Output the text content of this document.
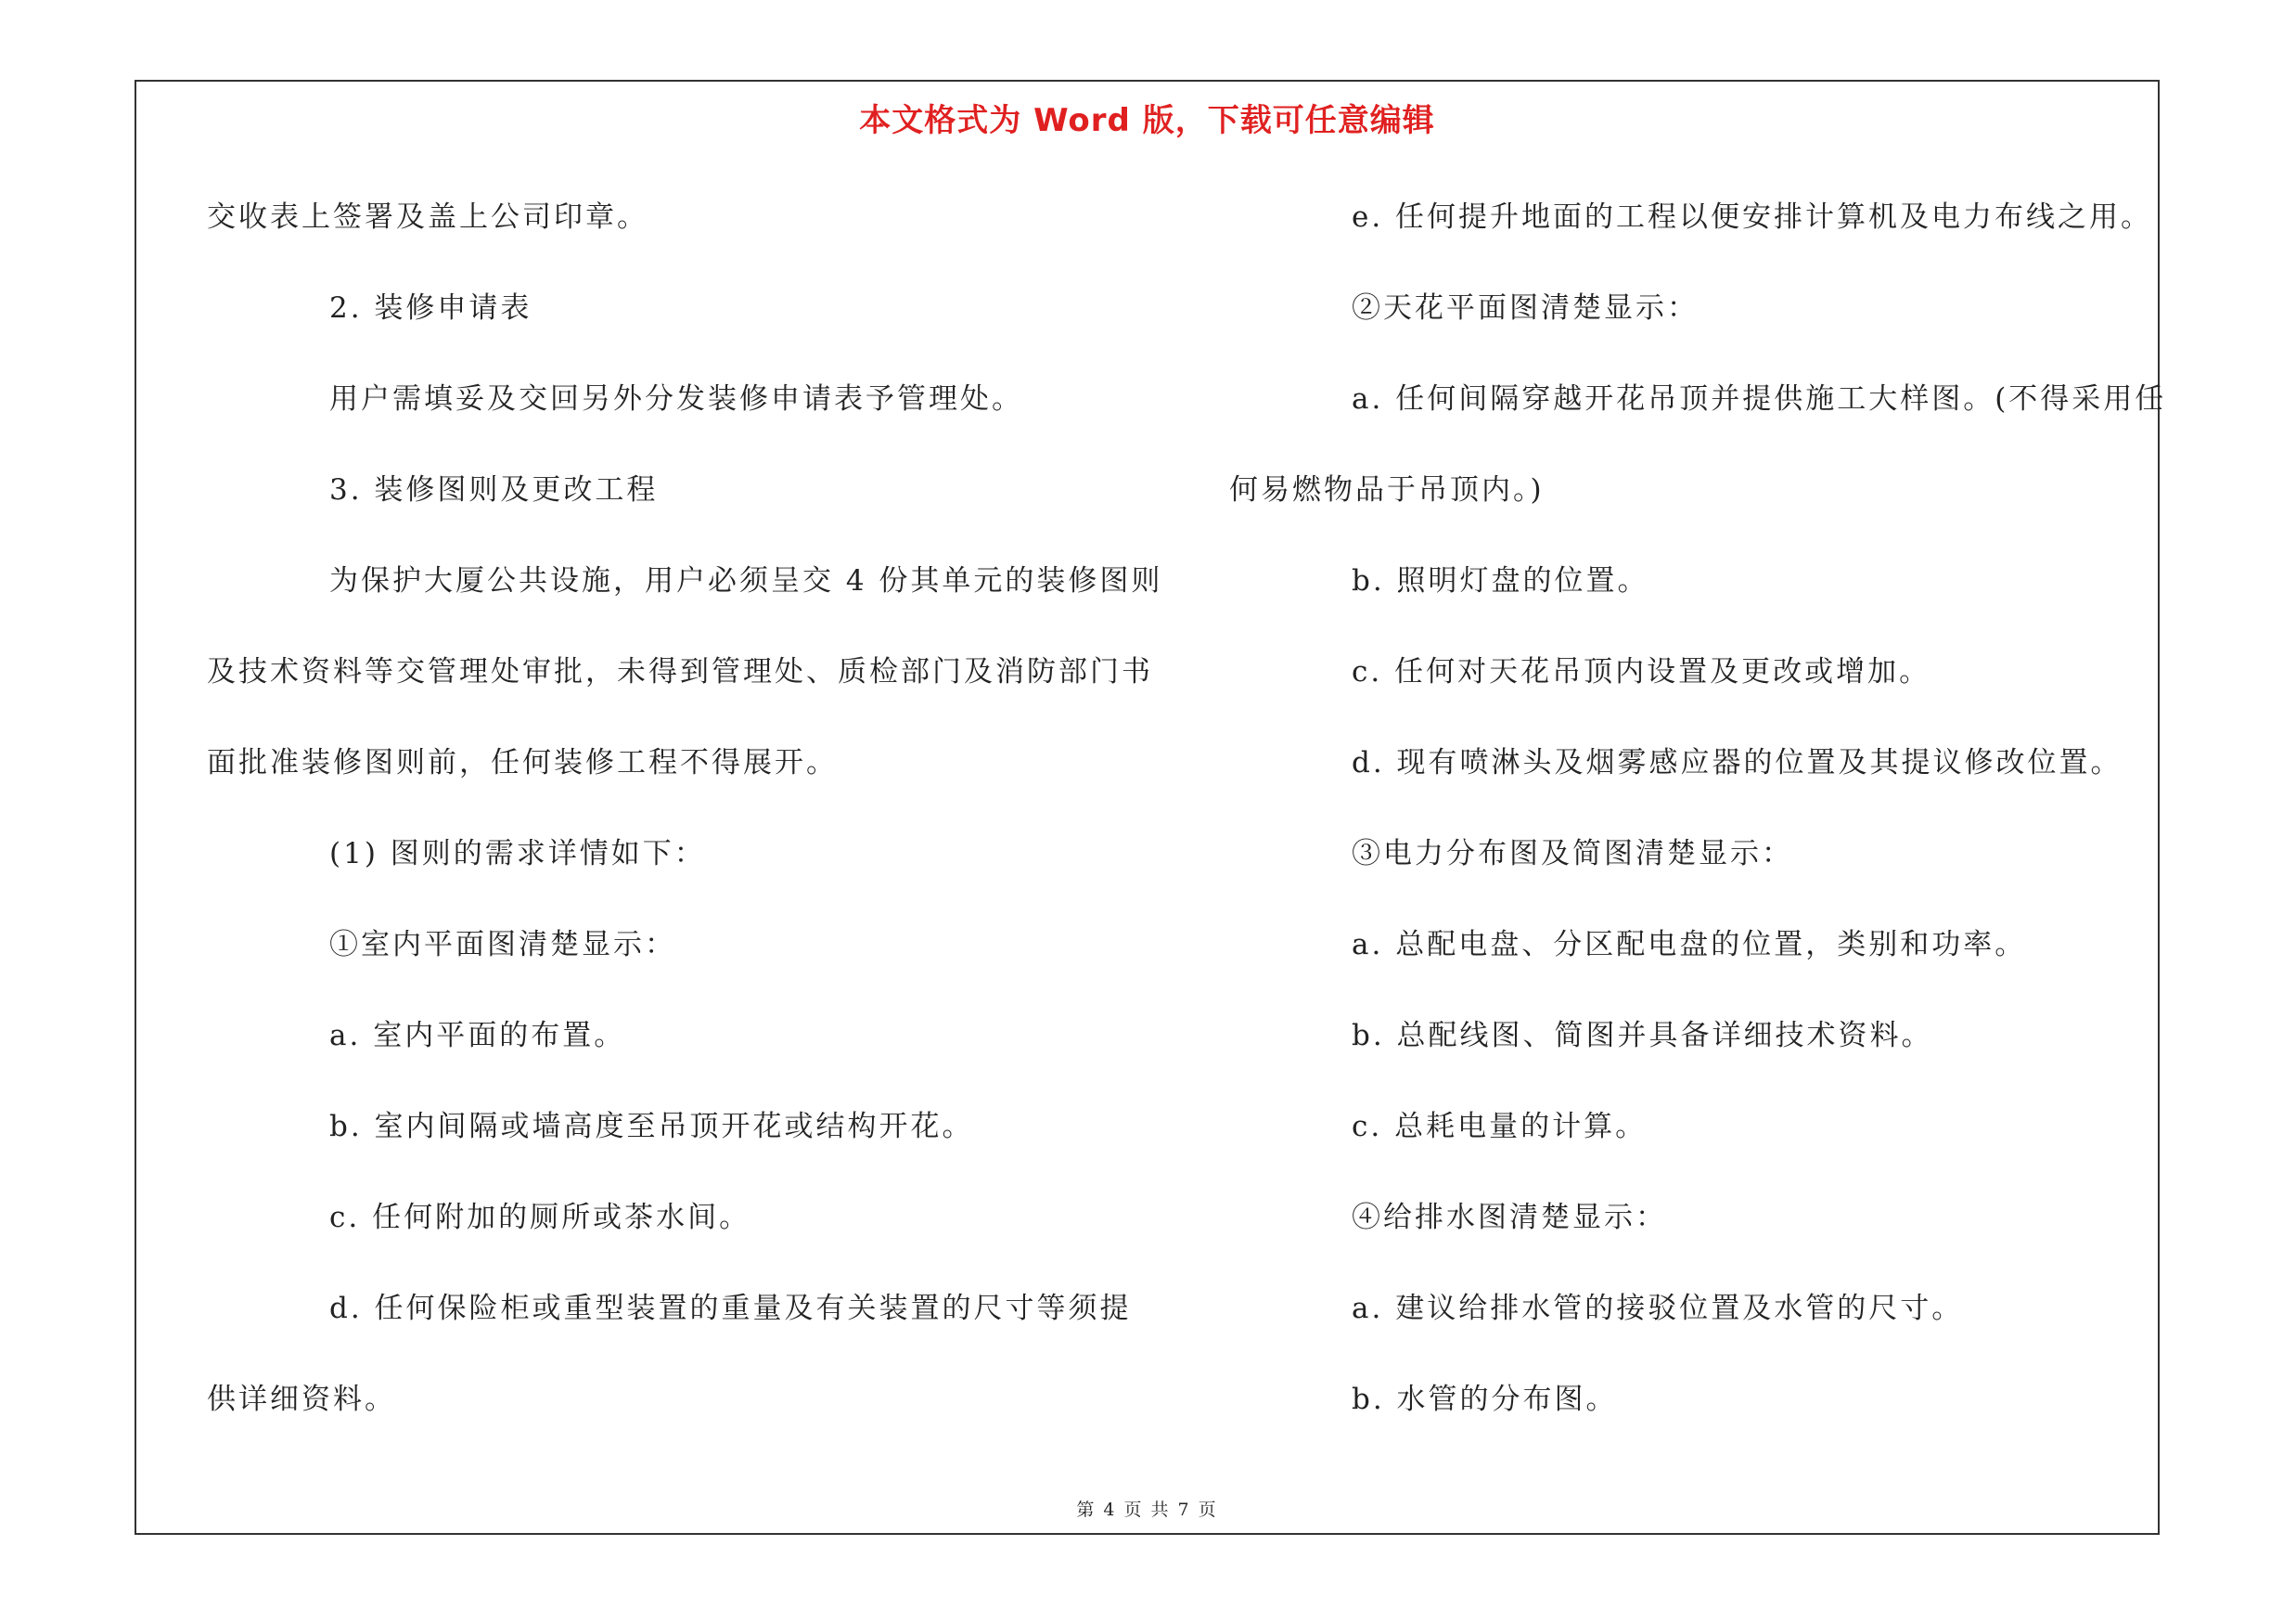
本文格式为 Word 版，下载可任意编辑
交收表上签署及盖上公司印章。
2. 装修申请表
用户需填妥及交回另外分发装修申请表予管理处。
3. 装修图则及更改工程
为保护大厦公共设施，用户必须呈交 4 份其单元的装修图则
及技术资料等交管理处审批，未得到管理处、质检部门及消防部门书
面批准装修图则前，任何装修工程不得展开。
(1) 图则的需求详情如下：
①室内平面图清楚显示：
a. 室内平面的布置。
b. 室内间隔或墙高度至吊顶开花或结构开花。
c. 任何附加的厕所或茶水间。
d. 任何保险柜或重型装置的重量及有关装置的尺寸等须提
供详细资料。
e. 任何提升地面的工程以便安排计算机及电力布线之用。
②天花平面图清楚显示：
a. 任何间隔穿越开花吊顶并提供施工大样图。(不得采用任
何易燃物品于吊顶内。)
b. 照明灯盘的位置。
c. 任何对天花吊顶内设置及更改或增加。
d. 现有喷淋头及烟雾感应器的位置及其提议修改位置。
③电力分布图及简图清楚显示：
a. 总配电盘、分区配电盘的位置，类别和功率。
b. 总配线图、简图并具备详细技术资料。
c. 总耗电量的计算。
④给排水图清楚显示：
a. 建议给排水管的接驳位置及水管的尺寸。
b. 水管的分布图。
第 4 页 共 7 页
